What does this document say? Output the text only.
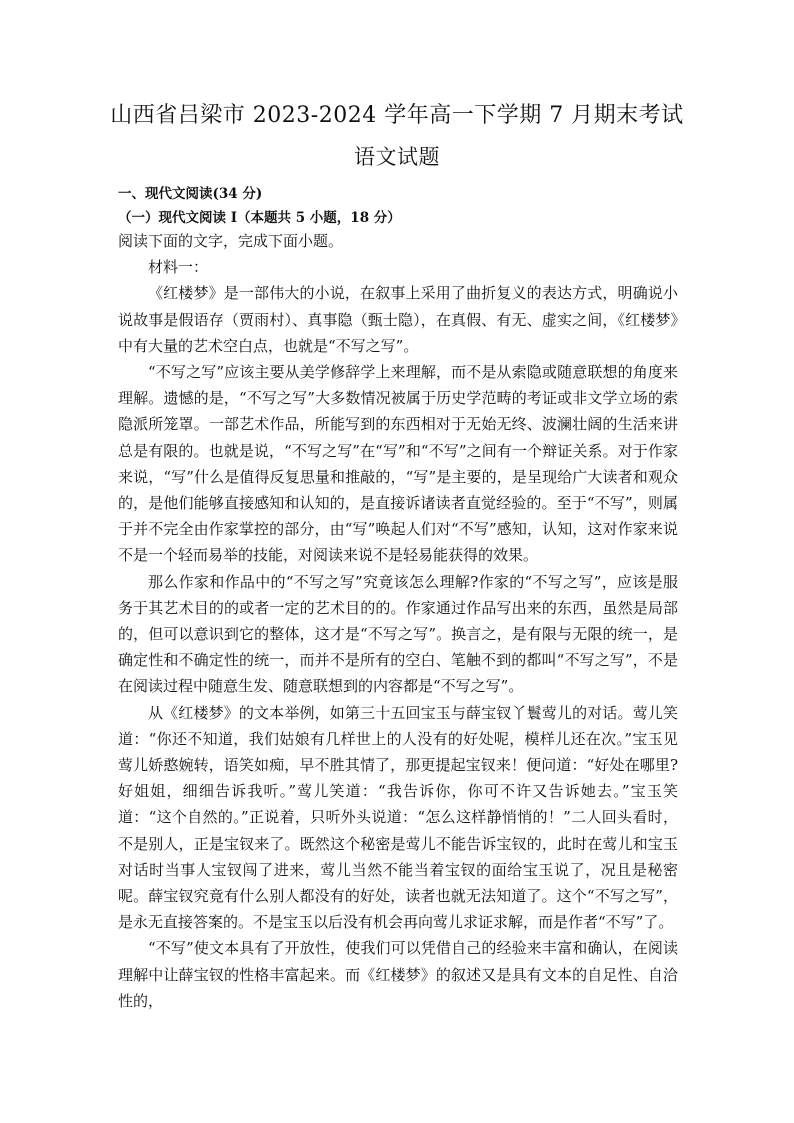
山西省吕梁市 2023-2024 学年高一下学期 7 月期末考试
语文试题
一、现代文阅读(34 分)
（一）现代文阅读 I（本题共 5 小题，18 分）

阅读下面的文字，完成下面小题。

材料一：

《红楼梦》是一部伟大的小说，在叙事上采用了曲折复义的表达方式，明确说小说故事是假语存（贾雨村）、真事隐（甄士隐），在真假、有无、虚实之间，《红楼梦》中有大量的艺术空白点，也就是“不写之写”。

“不写之写”应该主要从美学修辞学上来理解，而不是从索隐或随意联想的角度来理解。遗憾的是，“不写之写”大多数情况被属于历史学范畴的考证或非文学立场的索隐派所笼罩。一部艺术作品，所能写到的东西相对于无始无终、波澜壮阔的生活来讲总是有限的。也就是说，“不写之写”在“写”和“不写”之间有一个辩证关系。对于作家来说，“写”什么是值得反复思量和推敲的，“写”是主要的，是呈现给广大读者和观众的，是他们能够直接感知和认知的，是直接诉诸读者直觉经验的。至于“不写”，则属于并不完全由作家掌控的部分，由“写”唤起人们对“不写”感知，认知，这对作家来说不是一个轻而易举的技能，对阅读来说不是轻易能获得的效果。

那么作家和作品中的“不写之写”究竟该怎么理解?作家的“不写之写”，应该是服务于其艺术目的的或者一定的艺术目的的。作家通过作品写出来的东西，虽然是局部的，但可以意识到它的整体，这才是“不写之写”。换言之，是有限与无限的统一，是确定性和不确定性的统一，而并不是所有的空白、笔触不到的都叫“不写之写”，不是在阅读过程中随意生发、随意联想到的内容都是“不写之写”。

从《红楼梦》的文本举例，如第三十五回宝玉与薛宝钗丫鬟莺儿的对话。莺儿笑道：“你还不知道，我们姑娘有几样世上的人没有的好处呢，模样儿还在次。”宝玉见莺儿娇憨婉转，语笑如痴，早不胜其情了，那更提起宝钗来！便问道：“好处在哪里?好姐姐，细细告诉我听。”莺儿笑道：“我告诉你，你可不许又告诉她去。”宝玉笑道：“这个自然的。”正说着，只听外头说道：“怎么这样静悄悄的！”二人回头看时，不是别人，正是宝钗来了。既然这个秘密是莺儿不能告诉宝钗的，此时在莺儿和宝玉对话时当事人宝钗闯了进来，莺儿当然不能当着宝钗的面给宝玉说了，况且是秘密呢。薛宝钗究竟有什么别人都没有的好处，读者也就无法知道了。这个“不写之写”，是永无直接答案的。不是宝玉以后没有机会再向莺儿求证求解，而是作者“不写”了。

“不写”使文本具有了开放性，使我们可以凭借自己的经验来丰富和确认，在阅读理解中让薛宝钗的性格丰富起来。而《红楼梦》的叙述又是具有文本的自足性、自洽性的，
